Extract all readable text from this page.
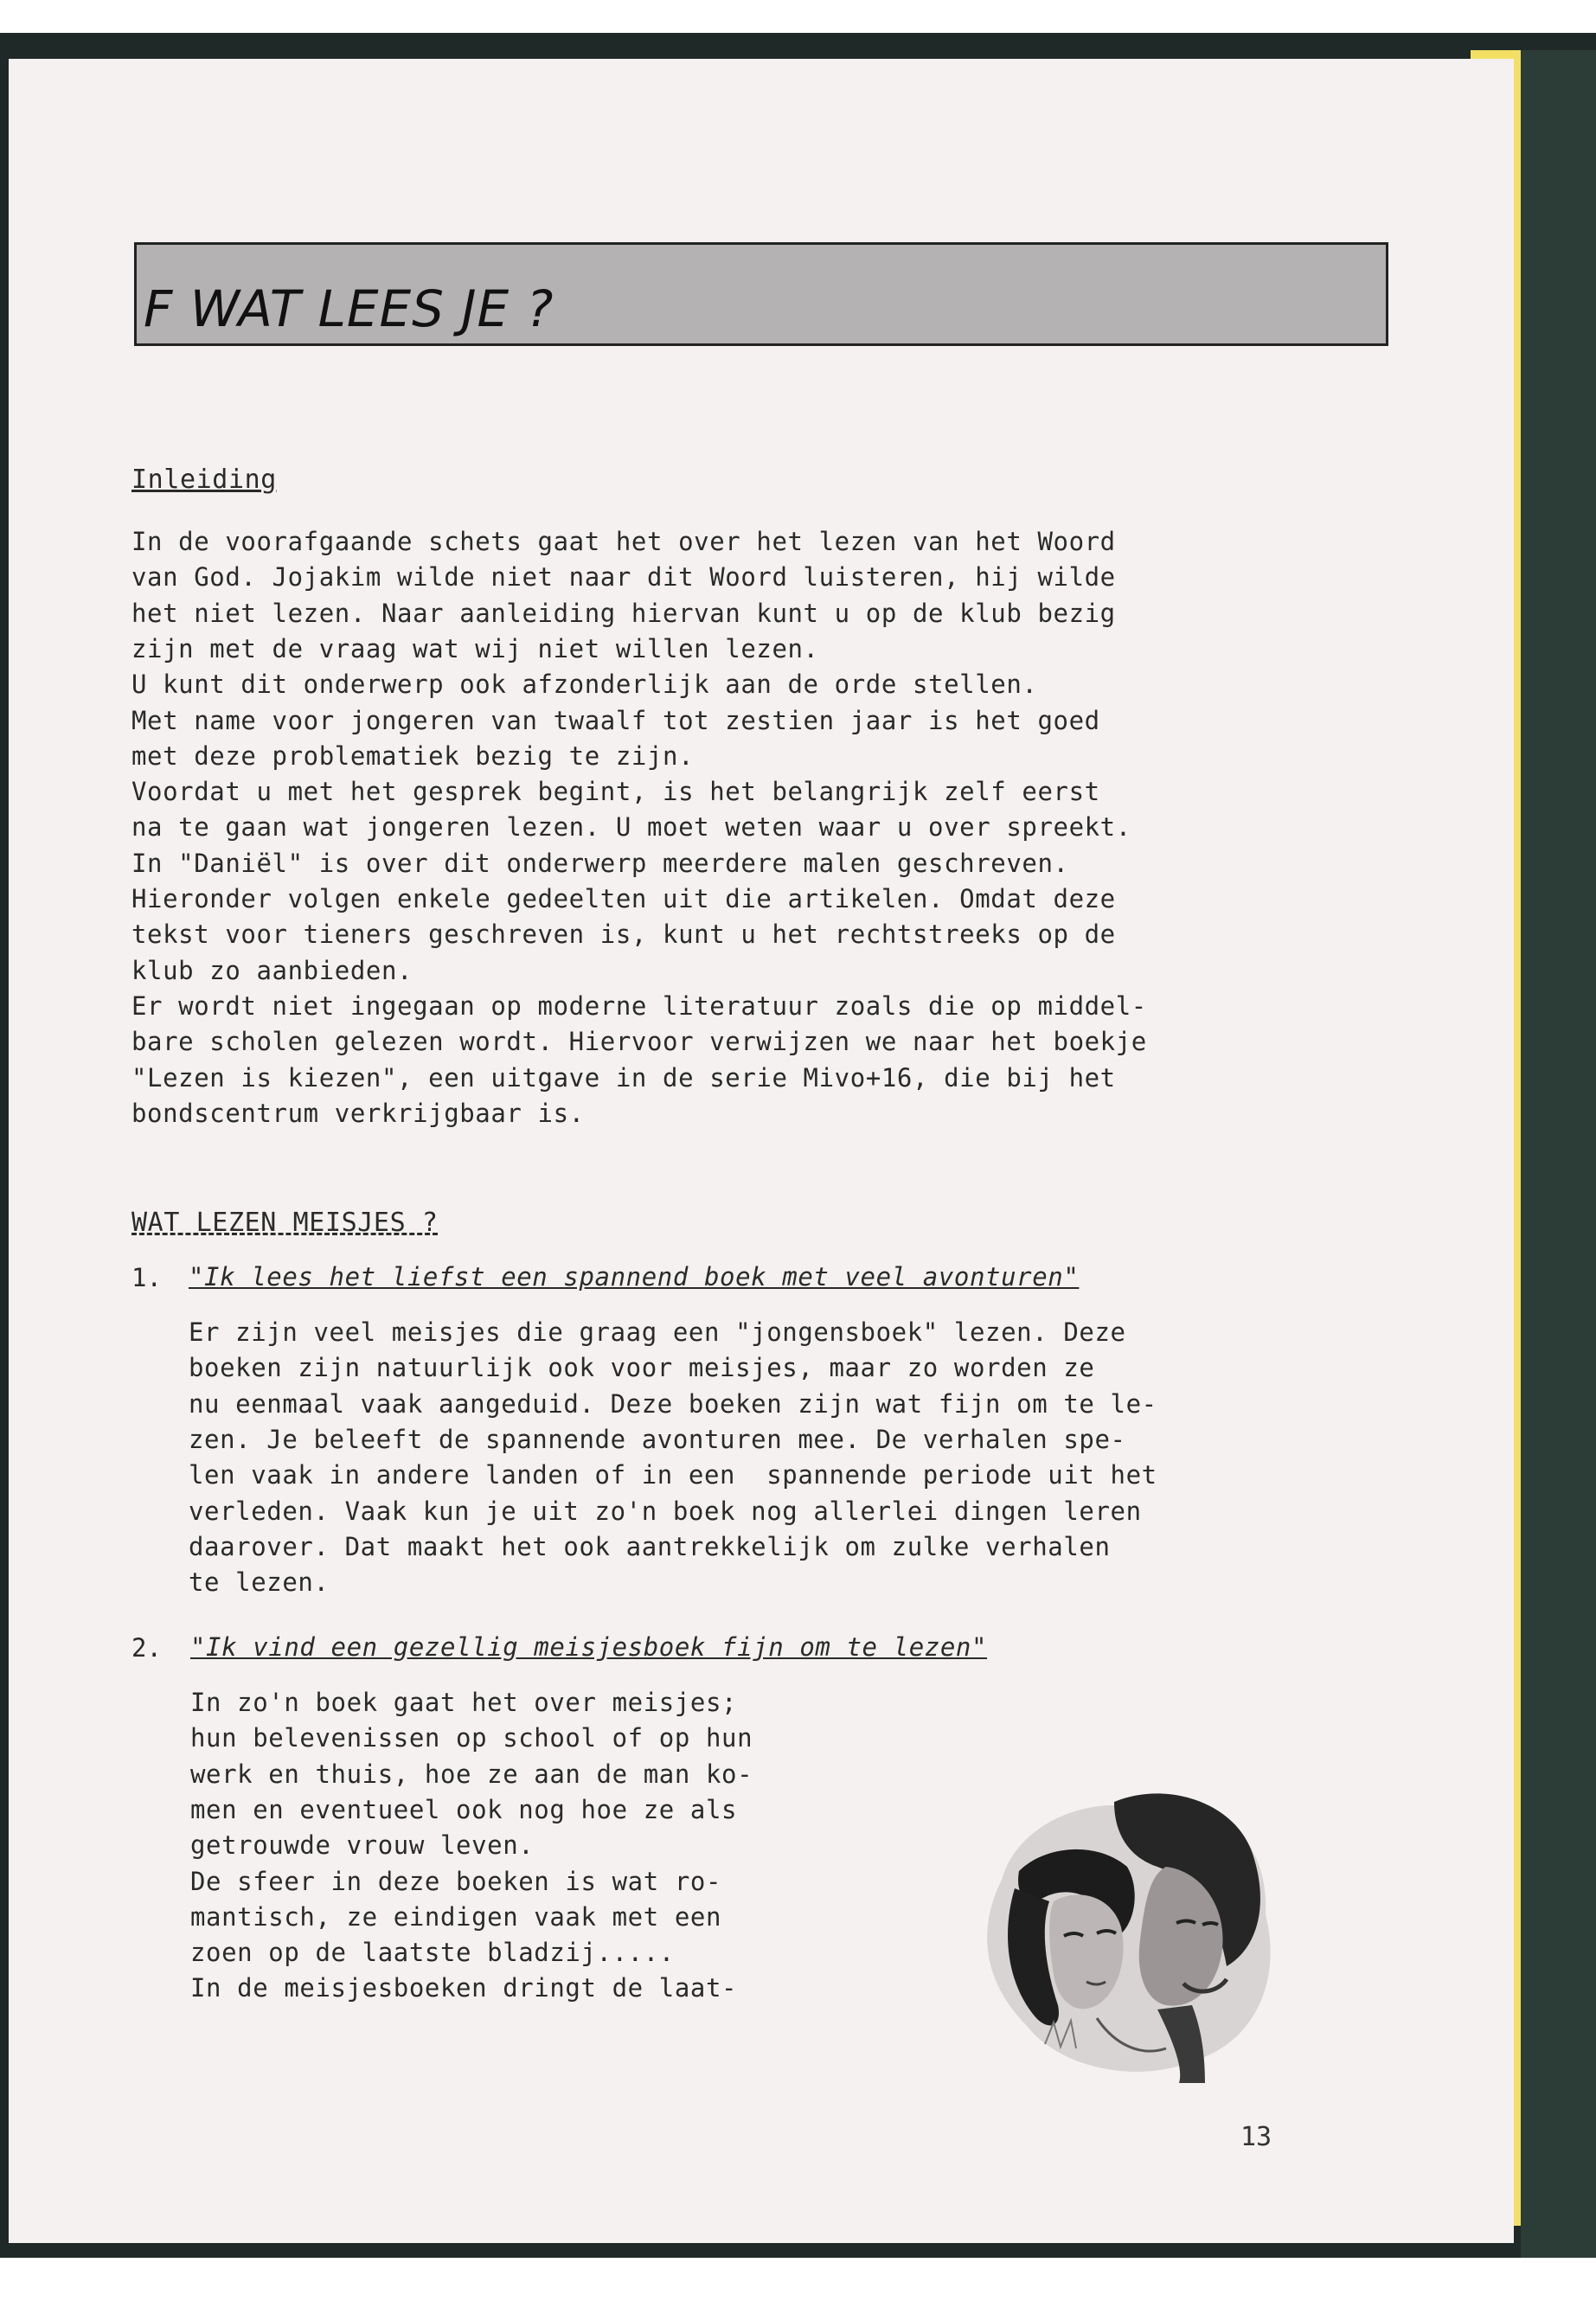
F WAT LEES JE ?
Inleiding
In de voorafgaande schets gaat het over het lezen van het Woord
van God. Jojakim wilde niet naar dit Woord luisteren, hij wilde
het niet lezen. Naar aanleiding hiervan kunt u op de klub bezig
zijn met de vraag wat wij niet willen lezen.
U kunt dit onderwerp ook afzonderlijk aan de orde stellen.
Met name voor jongeren van twaalf tot zestien jaar is het goed
met deze problematiek bezig te zijn.
Voordat u met het gesprek begint, is het belangrijk zelf eerst
na te gaan wat jongeren lezen. U moet weten waar u over spreekt.
In "Daniël" is over dit onderwerp meerdere malen geschreven.
Hieronder volgen enkele gedeelten uit die artikelen. Omdat deze
tekst voor tieners geschreven is, kunt u het rechtstreeks op de
klub zo aanbieden.
Er wordt niet ingegaan op moderne literatuur zoals die op middel-
bare scholen gelezen wordt. Hiervoor verwijzen we naar het boekje
"Lezen is kiezen", een uitgave in de serie Mivo+16, die bij het
bondscentrum verkrijgbaar is.
WAT LEZEN MEISJES ?
1. "Ik lees het liefst een spannend boek met veel avonturen"
Er zijn veel meisjes die graag een "jongensboek" lezen. Deze
boeken zijn natuurlijk ook voor meisjes, maar zo worden ze
nu eenmaal vaak aangeduid. Deze boeken zijn wat fijn om te le-
zen. Je beleeft de spannende avonturen mee. De verhalen spe-
len vaak in andere landen of in een  spannende periode uit het
verleden. Vaak kun je uit zo'n boek nog allerlei dingen leren
daarover. Dat maakt het ook aantrekkelijk om zulke verhalen
te lezen.
2. "Ik vind een gezellig meisjesboek fijn om te lezen"
In zo'n boek gaat het over meisjes;
hun belevenissen op school of op hun
werk en thuis, hoe ze aan de man ko-
men en eventueel ook nog hoe ze als
getrouwde vrouw leven.
De sfeer in deze boeken is wat ro-
mantisch, ze eindigen vaak met een
zoen op de laatste bladzij.....
In de meisjesboeken dringt de laat-
13
